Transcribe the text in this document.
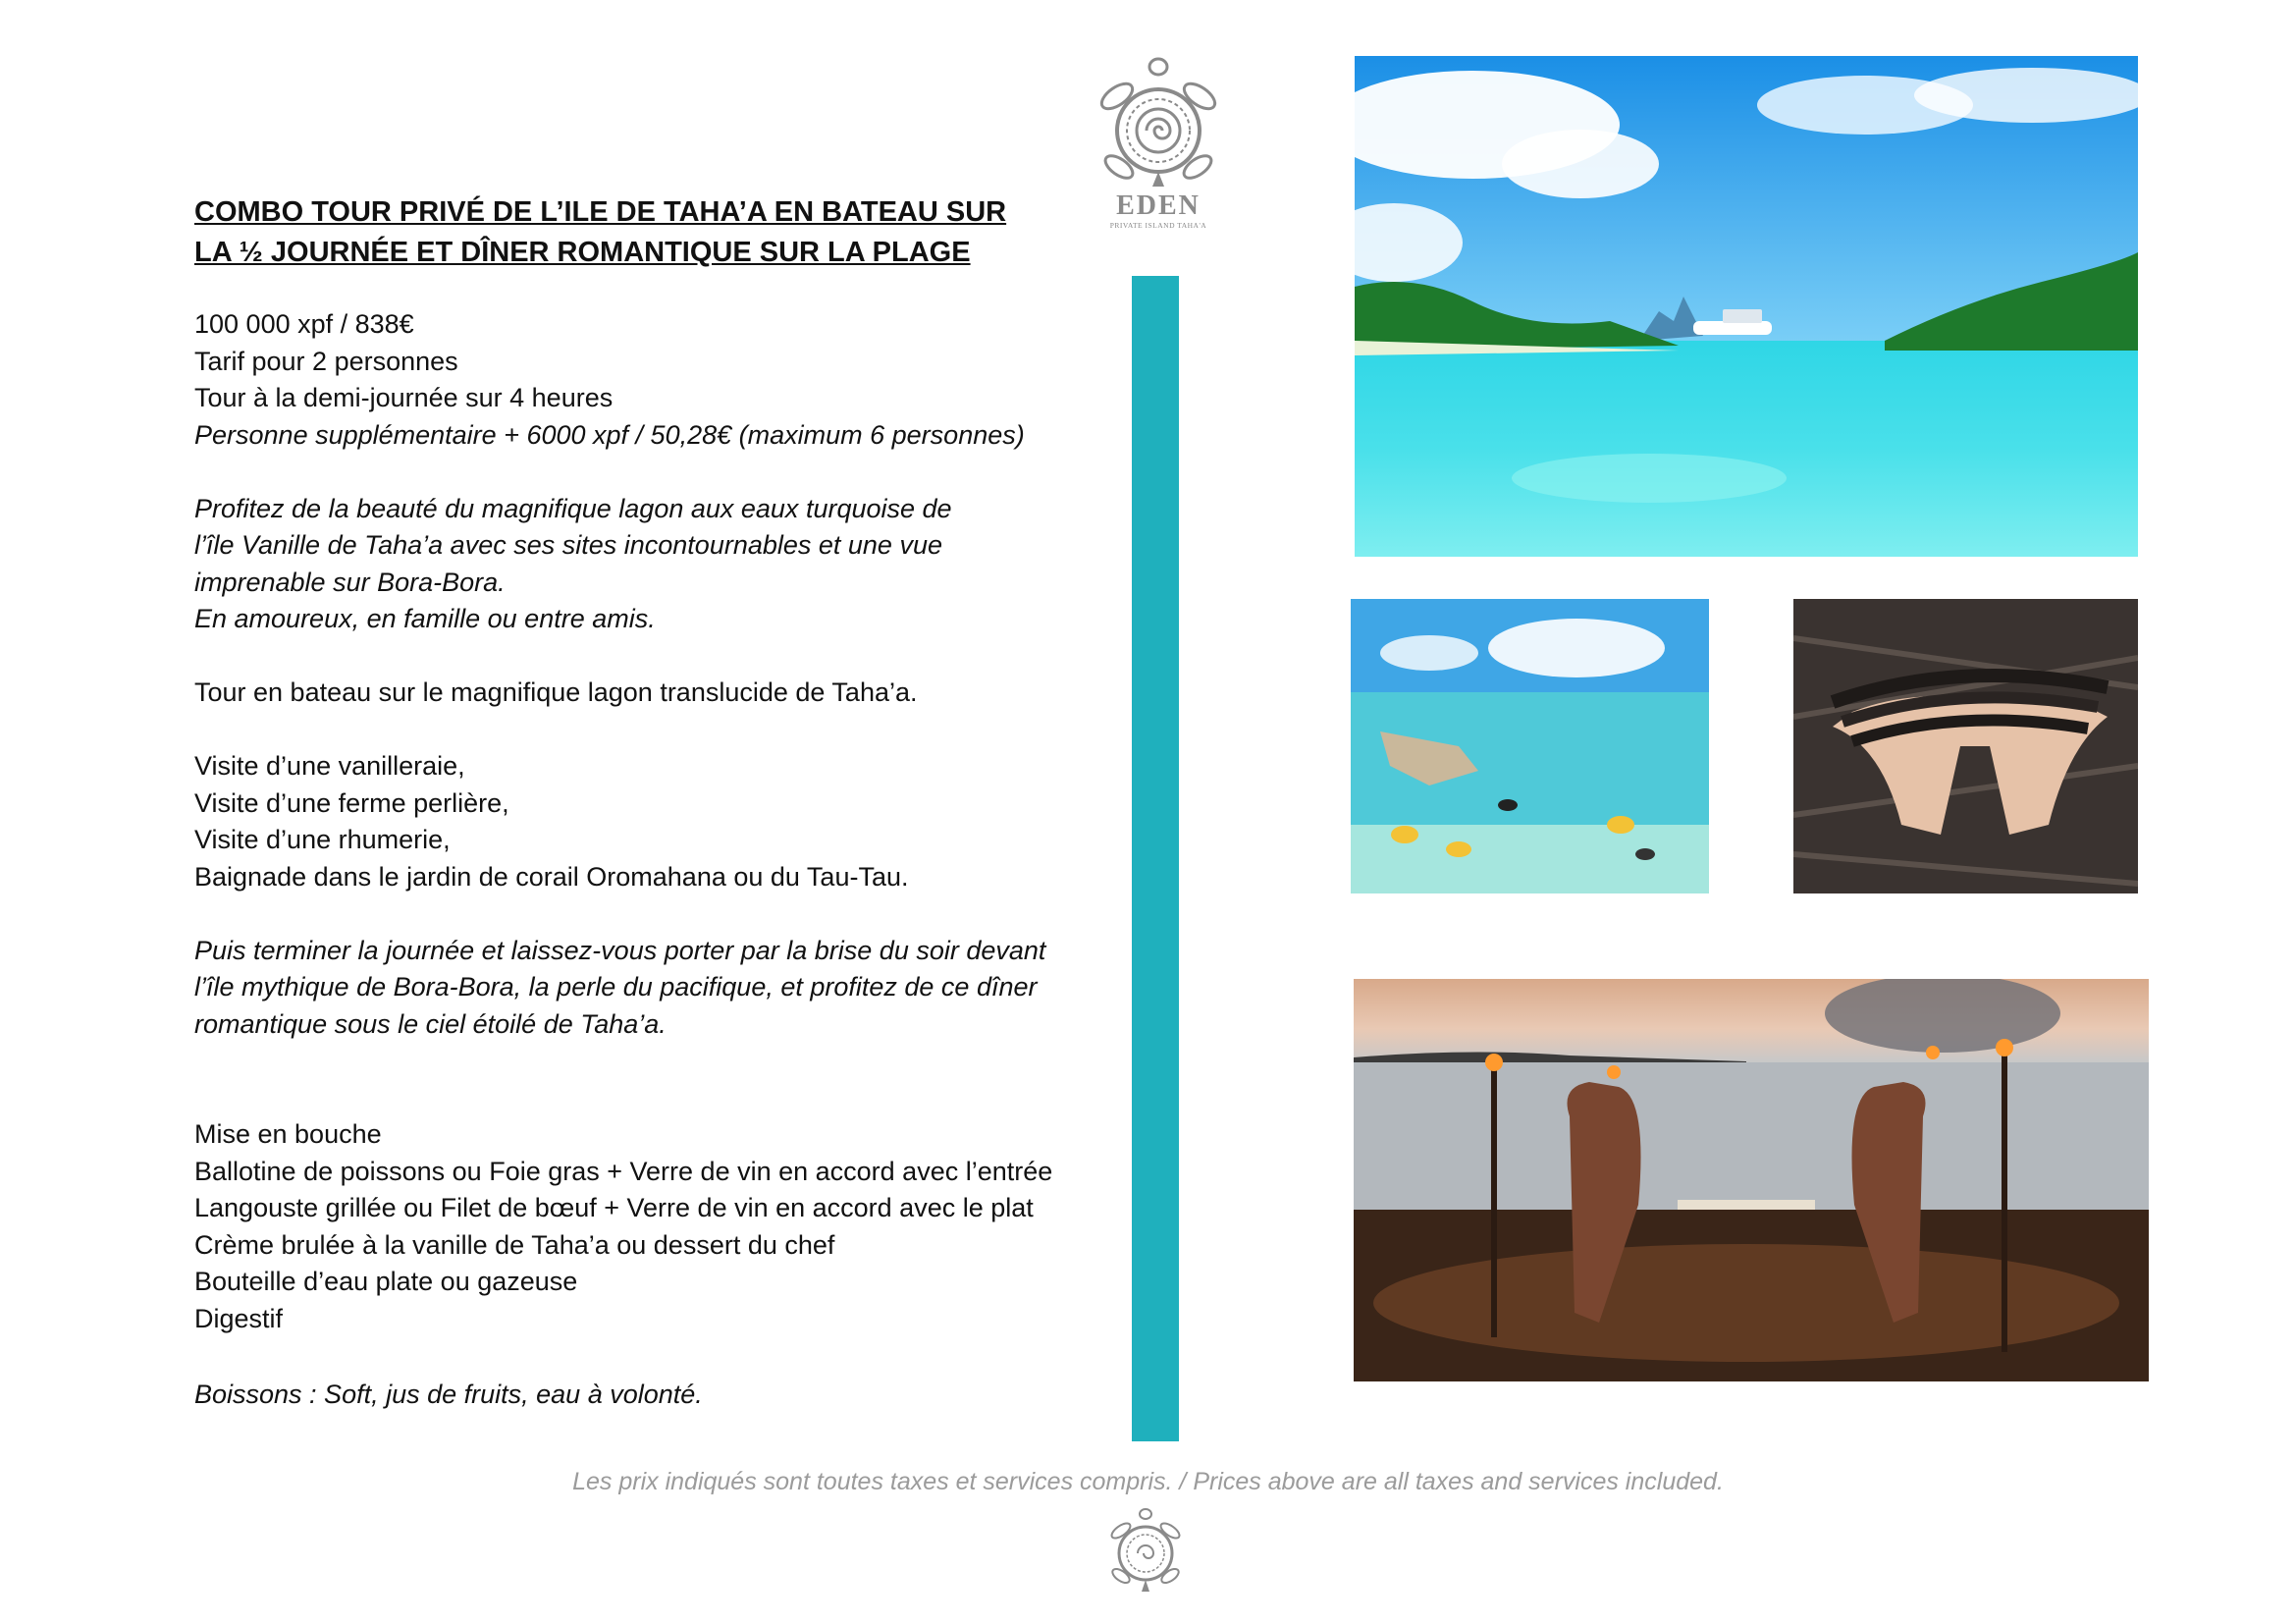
EDEN
PRIVATE ISLAND TAHA'A
COMBO TOUR PRIVÉ DE L’ILE DE TAHA’A EN BATEAU SUR
LA ½ JOURNÉE ET DÎNER ROMANTIQUE SUR LA PLAGE
100 000 xpf / 838€
Tarif pour 2 personnes
Tour à la demi-journée sur 4 heures
Personne supplémentaire + 6000 xpf / 50,28€ (maximum 6 personnes)
Profitez de la beauté du magnifique lagon aux eaux turquoise de
l’île Vanille de Taha’a avec ses sites incontournables et une vue
imprenable sur Bora-Bora.
En amoureux, en famille ou entre amis.
Tour en bateau sur le magnifique lagon translucide de Taha’a.
Visite d’une vanilleraie,
Visite d’une ferme perlière,
Visite d’une rhumerie,
Baignade dans le jardin de corail Oromahana ou du Tau-Tau.
Puis terminer la journée et laissez-vous porter par la brise du soir devant
l’île mythique de Bora-Bora, la perle du pacifique, et profitez de ce dîner
romantique sous le ciel étoilé de Taha’a.
Mise en bouche
Ballotine de poissons ou Foie gras + Verre de vin en accord avec l’entrée
Langouste grillée ou Filet de bœuf + Verre de vin en accord avec le plat
Crème brulée à la vanille de Taha’a ou dessert du chef
Bouteille d’eau plate ou gazeuse
Digestif
Boissons : Soft, jus de fruits, eau à volonté.
Les prix indiqués sont toutes taxes et services compris. / Prices above are all taxes and services included.
